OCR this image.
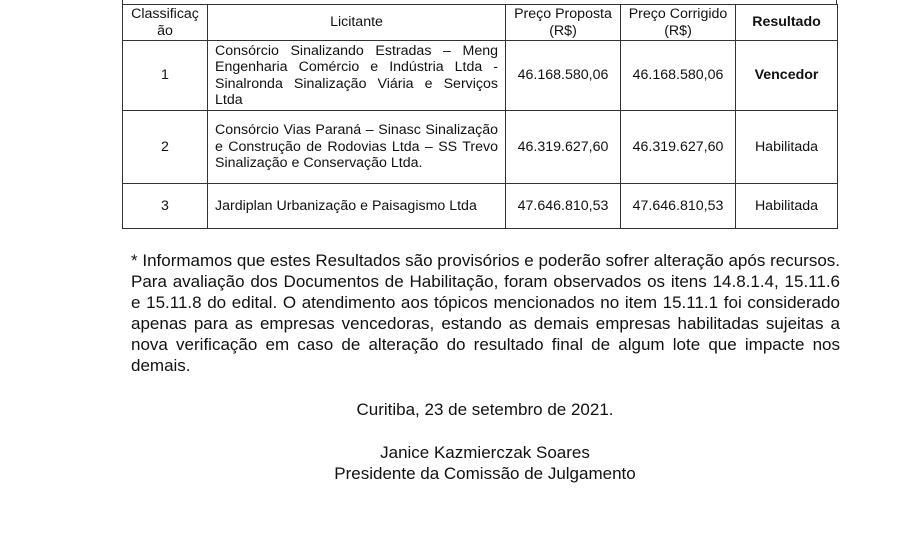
Classificação	Licitante	Preço Proposta (R$)	Preço Corrigido (R$)	Resultado
1	Consórcio Sinalizando Estradas – Meng Engenharia Comércio e Indústria Ltda - Sinalronda Sinalização Viária e Serviços Ltda	46.168.580,06	46.168.580,06	Vencedor
2	Consórcio Vias Paraná – Sinasc Sinalização e Construção de Rodovias Ltda – SS Trevo Sinalização e Conservação Ltda.	46.319.627,60	46.319.627,60	Habilitada
3	Jardiplan Urbanização e Paisagismo Ltda	47.646.810,53	47.646.810,53	Habilitada

* Informamos que estes Resultados são provisórios e poderão sofrer alteração após recursos. Para avaliação dos Documentos de Habilitação, foram observados os itens 14.8.1.4, 15.11.6 e 15.11.8 do edital. O atendimento aos tópicos mencionados no item 15.11.1 foi considerado apenas para as empresas vencedoras, estando as demais empresas habilitadas sujeitas a nova verificação em caso de alteração do resultado final de algum lote que impacte nos demais.

Curitiba, 23 de setembro de 2021.

Janice Kazmierczak Soares

Presidente da Comissão de Julgamento
